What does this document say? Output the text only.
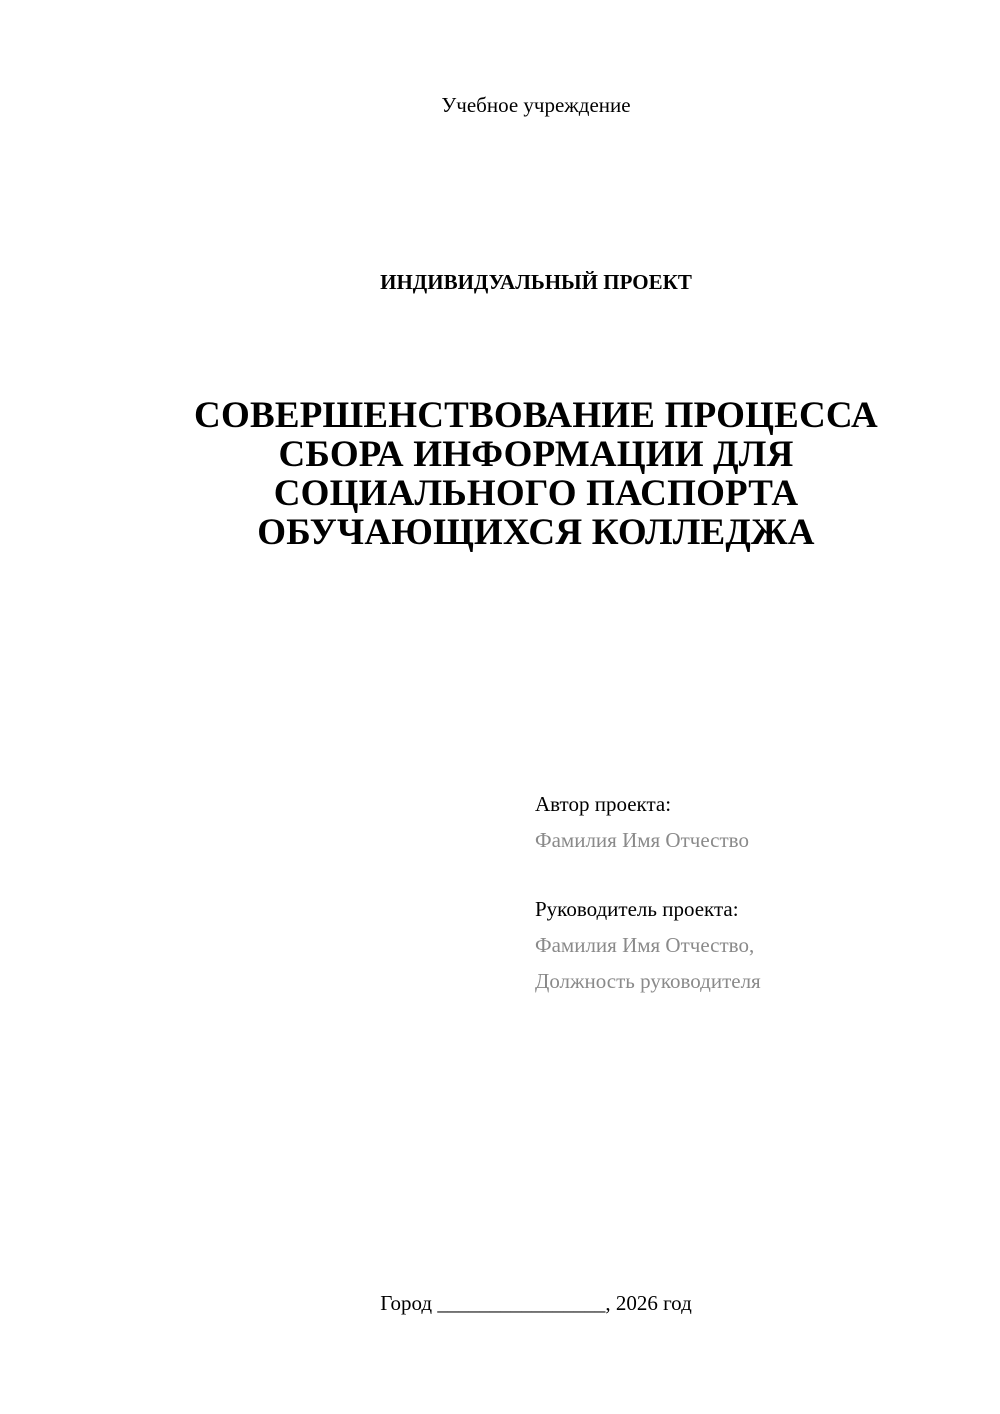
Учебное учреждение
ИНДИВИДУАЛЬНЫЙ ПРОЕКТ
СОВЕРШЕНСТВОВАНИЕ ПРОЦЕССА
СБОРА ИНФОРМАЦИИ ДЛЯ
СОЦИАЛЬНОГО ПАСПОРТА
ОБУЧАЮЩИХСЯ КОЛЛЕДЖА
Автор проекта:
Фамилия Имя Отчество
Руководитель проекта:
Фамилия Имя Отчество,
Должность руководителя
Город ________________, 2026 год
